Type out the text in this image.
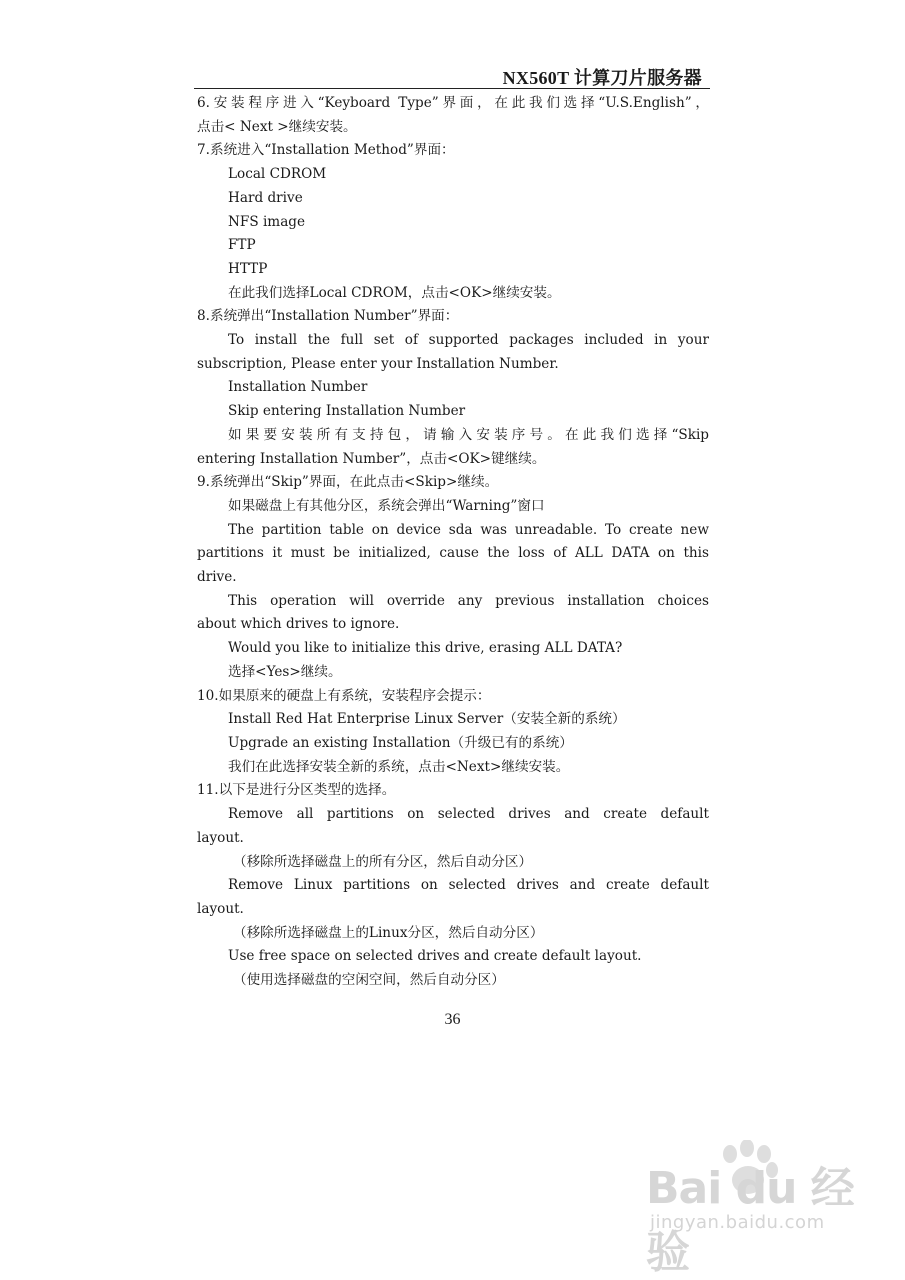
NX560T 计算刀片服务器
6.安装程序进入“Keyboard Type”界面，在此我们选择“U.S.English”，
点击< Next >继续安装。
7.系统进入“Installation Method”界面：
Local CDROM
Hard drive
NFS image
FTP
HTTP
在此我们选择Local CDROM，点击<OK>继续安装。
8.系统弹出“Installation Number”界面：
To install the full set of supported packages included in your
subscription, Please enter your Installation Number.
Installation Number
Skip entering Installation Number
如果要安装所有支持包，请输入安装序号。在此我们选择“Skip
entering Installation Number”，点击<OK>键继续。
9.系统弹出“Skip”界面，在此点击<Skip>继续。
如果磁盘上有其他分区，系统会弹出“Warning”窗口
The partition table on device sda was unreadable. To create new
partitions it must be initialized, cause the loss of ALL DATA on this
drive.
This operation will override any previous installation choices
about which drives to ignore.
Would you like to initialize this drive, erasing ALL DATA?
选择<Yes>继续。
10.如果原来的硬盘上有系统，安装程序会提示：
Install Red Hat Enterprise Linux Server（安装全新的系统）
Upgrade an existing Installation（升级已有的系统）
我们在此选择安装全新的系统，点击<Next>继续安装。
11.以下是进行分区类型的选择。
Remove all partitions on selected drives and create default
layout.
（移除所选择磁盘上的所有分区，然后自动分区）
Remove Linux partitions on selected drives and create default
layout.
（移除所选择磁盘上的Linux分区，然后自动分区）
Use free space on selected drives and create default layout.
（使用选择磁盘的空闲空间，然后自动分区）
36
Bai du 经验
jingyan.baidu.com
